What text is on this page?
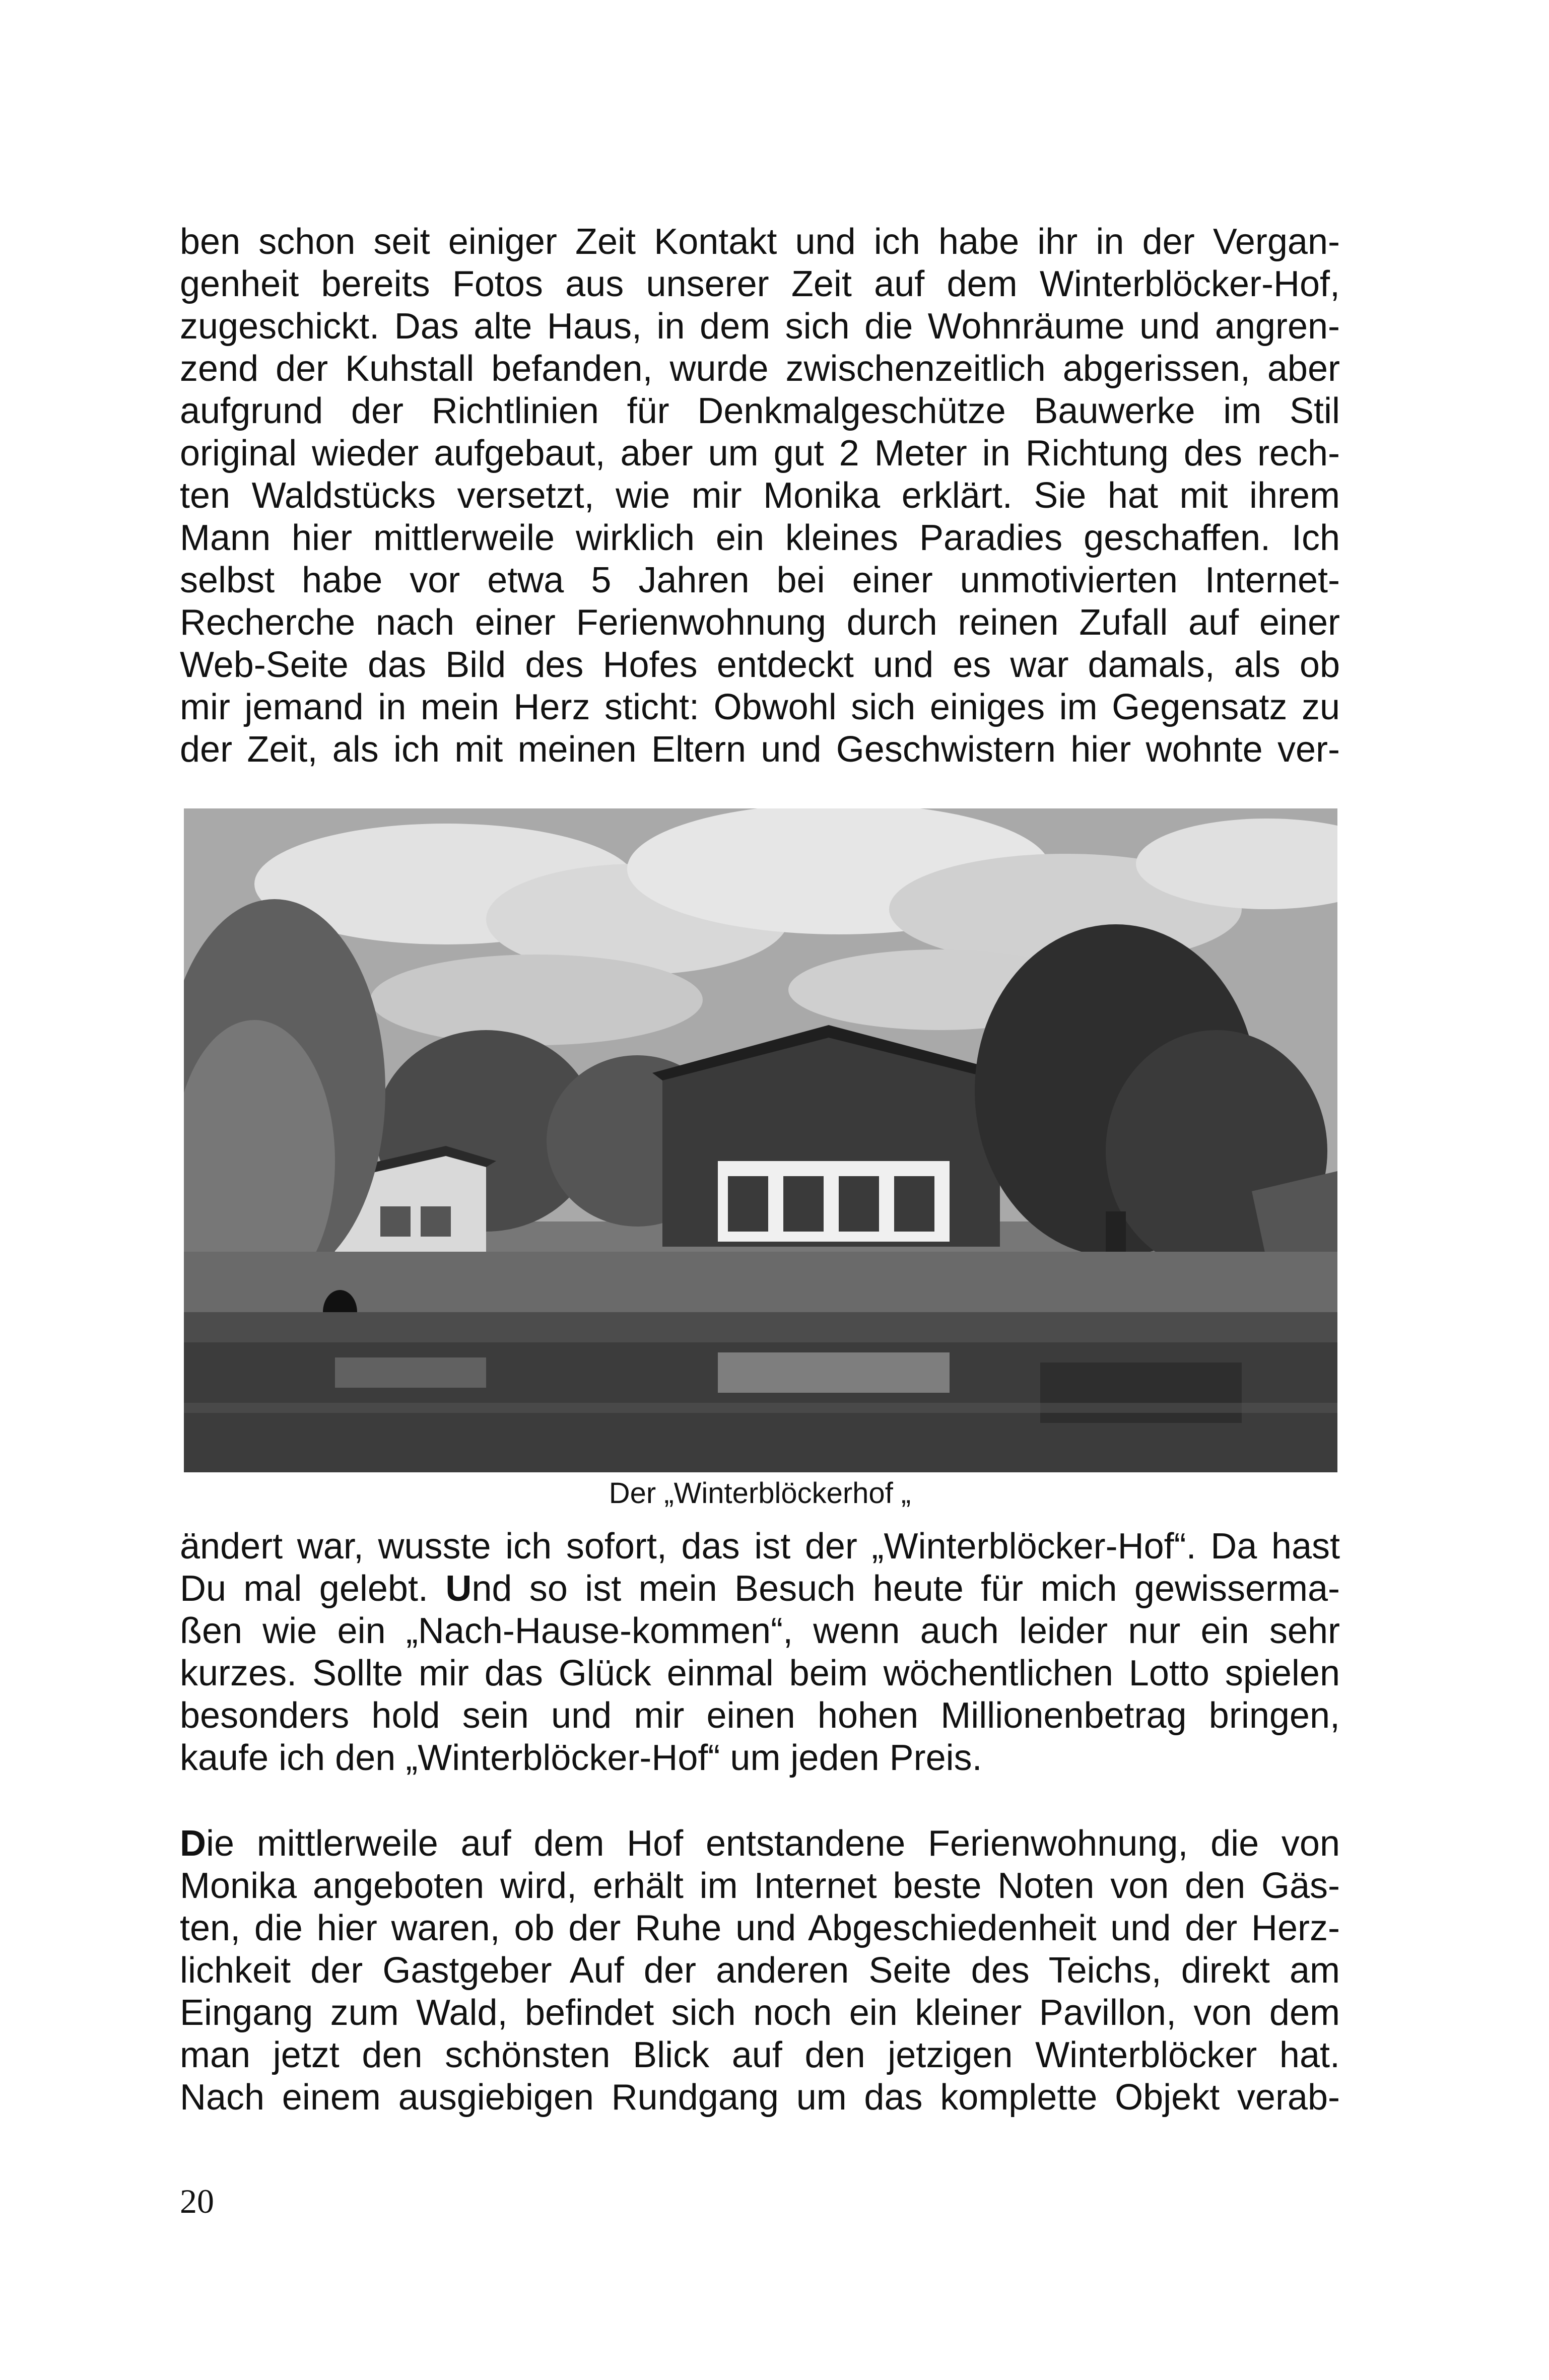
ben schon seit einiger Zeit Kontakt und ich habe ihr in der Vergan-
genheit bereits Fotos aus unserer Zeit auf dem Winterblöcker-Hof,
zugeschickt. Das alte Haus, in dem sich die Wohnräume und angren-
zend der Kuhstall befanden, wurde zwischenzeitlich abgerissen, aber
aufgrund der Richtlinien für Denkmalgeschütze Bauwerke im Stil
original wieder aufgebaut, aber um gut 2 Meter in Richtung des rech-
ten Waldstücks versetzt, wie mir Monika erklärt. Sie hat mit ihrem
Mann hier mittlerweile wirklich ein kleines Paradies geschaffen. Ich
selbst habe vor etwa 5 Jahren bei einer unmotivierten Internet-
Recherche nach einer Ferienwohnung durch reinen Zufall auf einer
Web-Seite das Bild des Hofes entdeckt und es war damals, als ob
mir jemand in mein Herz sticht: Obwohl sich einiges im Gegensatz zu
der Zeit, als ich mit meinen Eltern und Geschwistern hier wohnte ver-
Der „Winterblöckerhof „
ändert war, wusste ich sofort, das ist der „Winterblöcker-Hof“. Da hast
Du mal gelebt. Und so ist mein Besuch heute für mich gewisserma-
ßen wie ein „Nach-Hause-kommen“, wenn auch leider nur ein sehr
kurzes. Sollte mir das Glück einmal beim wöchentlichen Lotto spielen
besonders hold sein und mir einen hohen Millionenbetrag bringen,
kaufe ich den „Winterblöcker-Hof“ um jeden Preis.
Die mittlerweile auf dem Hof entstandene Ferienwohnung, die von
Monika angeboten wird, erhält im Internet beste Noten von den Gäs-
ten, die hier waren, ob der Ruhe und Abgeschiedenheit und der Herz-
lichkeit der Gastgeber Auf der anderen Seite des Teichs, direkt am
Eingang zum Wald, befindet sich noch ein kleiner Pavillon, von dem
man jetzt den schönsten Blick auf den jetzigen Winterblöcker hat.
Nach einem ausgiebigen Rundgang um das komplette Objekt verab-
20
